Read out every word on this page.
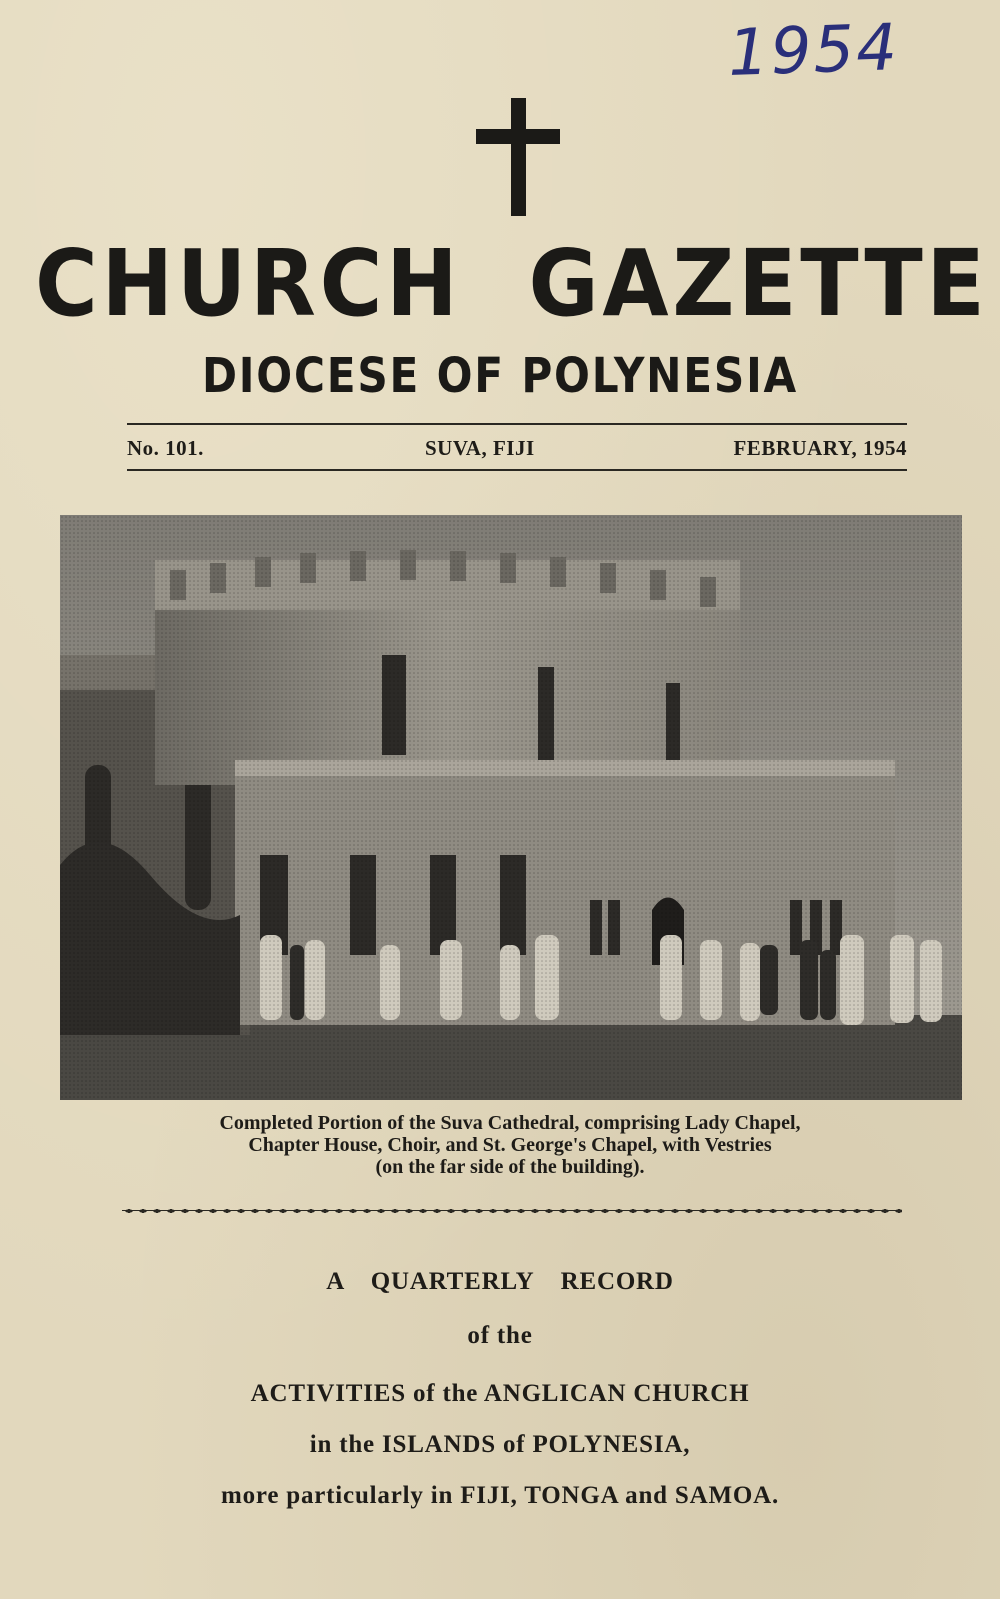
1954
CHURCH  GAZETTE
DIOCESE OF POLYNESIA
No. 101.	SUVA, FIJI	FEBRUARY, 1954
Completed Portion of the Suva Cathedral, comprising Lady Chapel,
Chapter House, Choir, and St. George's Chapel, with Vestries
(on the far side of the building).
A QUARTERLY RECORD
of the
ACTIVITIES of the ANGLICAN CHURCH
in the ISLANDS of POLYNESIA,
more particularly in FIJI, TONGA and SAMOA.
